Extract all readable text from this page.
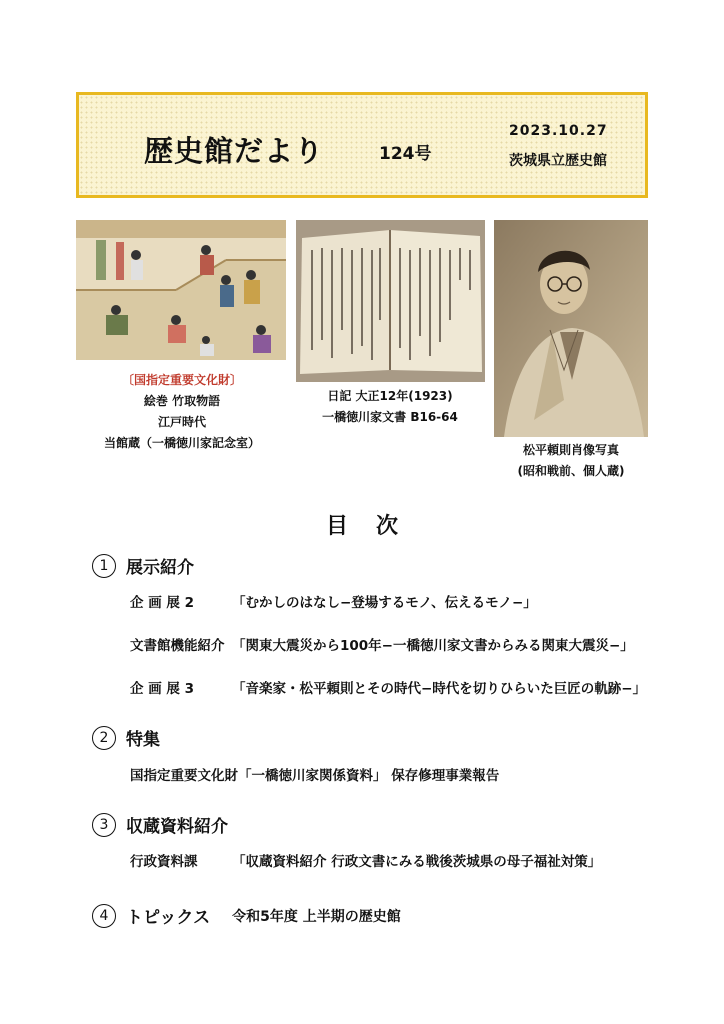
歴史館だより	124号
2023.10.27
茨城県立歴史館
〔国指定重要文化財〕
絵巻 竹取物語
江戸時代
当館蔵（一橋徳川家記念室）
日記 大正12年(1923)
一橋徳川家文書 B16-64
松平頼則肖像写真
(昭和戦前、個人蔵)
目次
1 展示紹介
企 画 展 2	「むかしのはなし−登場するモノ、伝えるモノ−」
文書館機能紹介 「関東大震災から100年−一橋徳川家文書からみる関東大震災−」
企 画 展 3	「音楽家・松平頼則とその時代−時代を切りひらいた巨匠の軌跡−」
2 特集
国指定重要文化財「一橋徳川家関係資料」 保存修理事業報告
3 収蔵資料紹介
行政資料課	「収蔵資料紹介 行政文書にみる戦後茨城県の母子福祉対策」
4 トピックス 令和5年度 上半期の歴史館
